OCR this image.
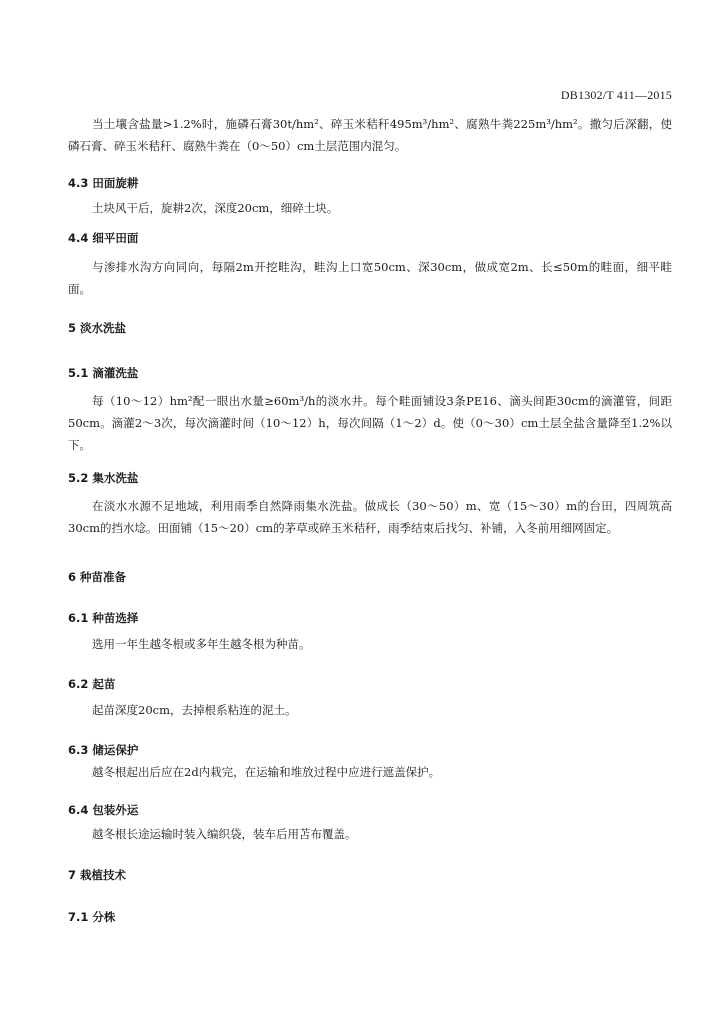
DB1302/T 411—2015

当土壤含盐量>1.2%时，施磷石膏30t/hm²、碎玉米秸秆495m³/hm²、腐熟牛粪225m³/hm²。撒匀后深翻，使磷石膏、碎玉米秸秆、腐熟牛粪在（0～50）cm土层范围内混匀。

4.3 田面旋耕

土块风干后，旋耕2次，深度20cm，细碎土块。

4.4 细平田面

与渗排水沟方向同向，每隔2m开挖畦沟，畦沟上口宽50cm、深30cm，做成宽2m、长≤50m的畦面，细平畦面。

5 淡水洗盐
5.1 滴灌洗盐

每（10～12）hm²配一眼出水量≥60m³/h的淡水井。每个畦面铺设3条PE16、滴头间距30cm的滴灌管，间距50cm。滴灌2～3次，每次滴灌时间（10～12）h，每次间隔（1～2）d。使（0～30）cm土层全盐含量降至1.2%以下。

5.2 集水洗盐

在淡水水源不足地域，利用雨季自然降雨集水洗盐。做成长（30～50）m、宽（15～30）m的台田，四周筑高30cm的挡水埝。田面铺（15～20）cm的茅草或碎玉米秸秆，雨季结束后找匀、补铺，入冬前用细网固定。

6 种苗准备
6.1 种苗选择

选用一年生越冬根或多年生越冬根为种苗。

6.2 起苗

起苗深度20cm，去掉根系粘连的泥土。

6.3 储运保护

越冬根起出后应在2d内栽完，在运输和堆放过程中应进行遮盖保护。

6.4 包装外运

越冬根长途运输时装入编织袋，装车后用苫布覆盖。

7 栽植技术
7.1 分株
